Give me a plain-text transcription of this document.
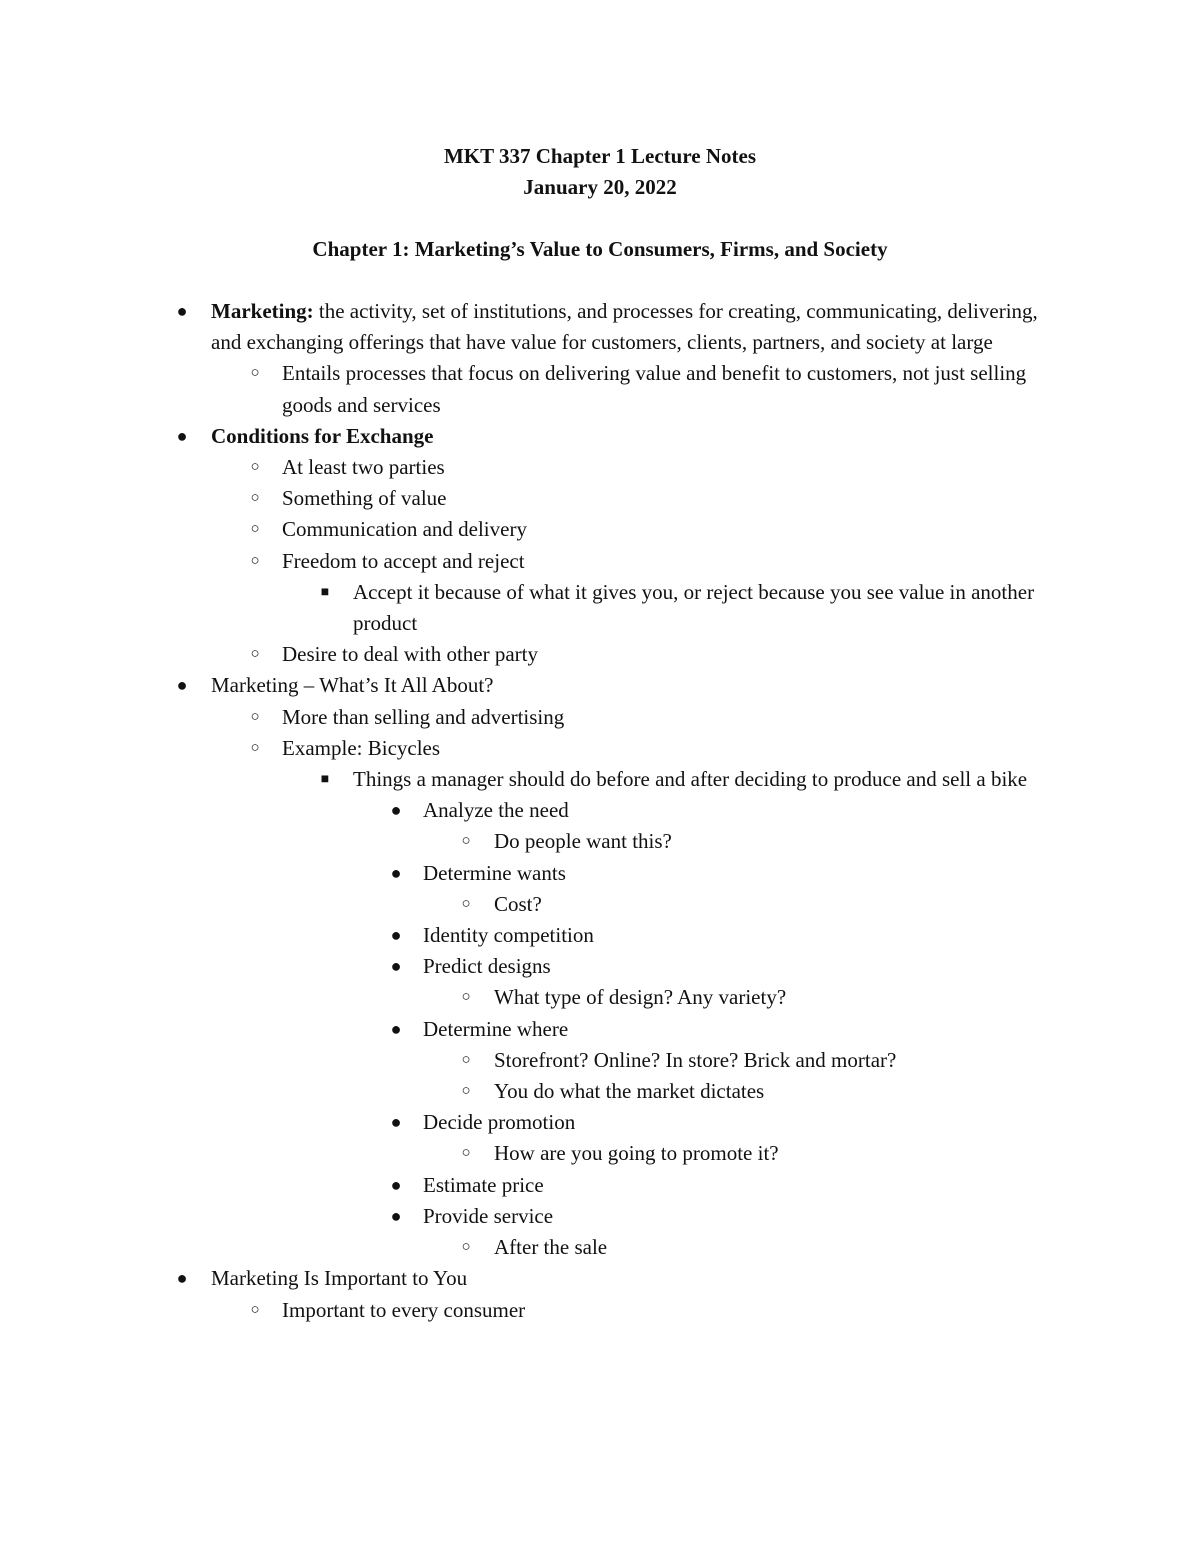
MKT 337 Chapter 1 Lecture Notes

January 20, 2022

Chapter 1: Marketing’s Value to Consumers, Firms, and Society

●	Marketing: the activity, set of institutions, and processes for creating, communicating, delivering, and exchanging offerings that have value for customers, clients, partners, and society at large
○	Entails processes that focus on delivering value and benefit to customers, not just selling goods and services
●	Conditions for Exchange
○	At least two parties
○	Something of value
○	Communication and delivery
○	Freedom to accept and reject
■	Accept it because of what it gives you, or reject because you see value in another product
○	Desire to deal with other party
●	Marketing – What’s It All About?
○	More than selling and advertising
○	Example: Bicycles
■	Things a manager should do before and after deciding to produce and sell a bike
●	Analyze the need
○	Do people want this?
●	Determine wants
○	Cost?
●	Identity competition
●	Predict designs
○	What type of design? Any variety?
●	Determine where
○	Storefront? Online? In store? Brick and mortar?
○	You do what the market dictates
●	Decide promotion
○	How are you going to promote it?
●	Estimate price
●	Provide service
○	After the sale
●	Marketing Is Important to You
○	Important to every consumer
